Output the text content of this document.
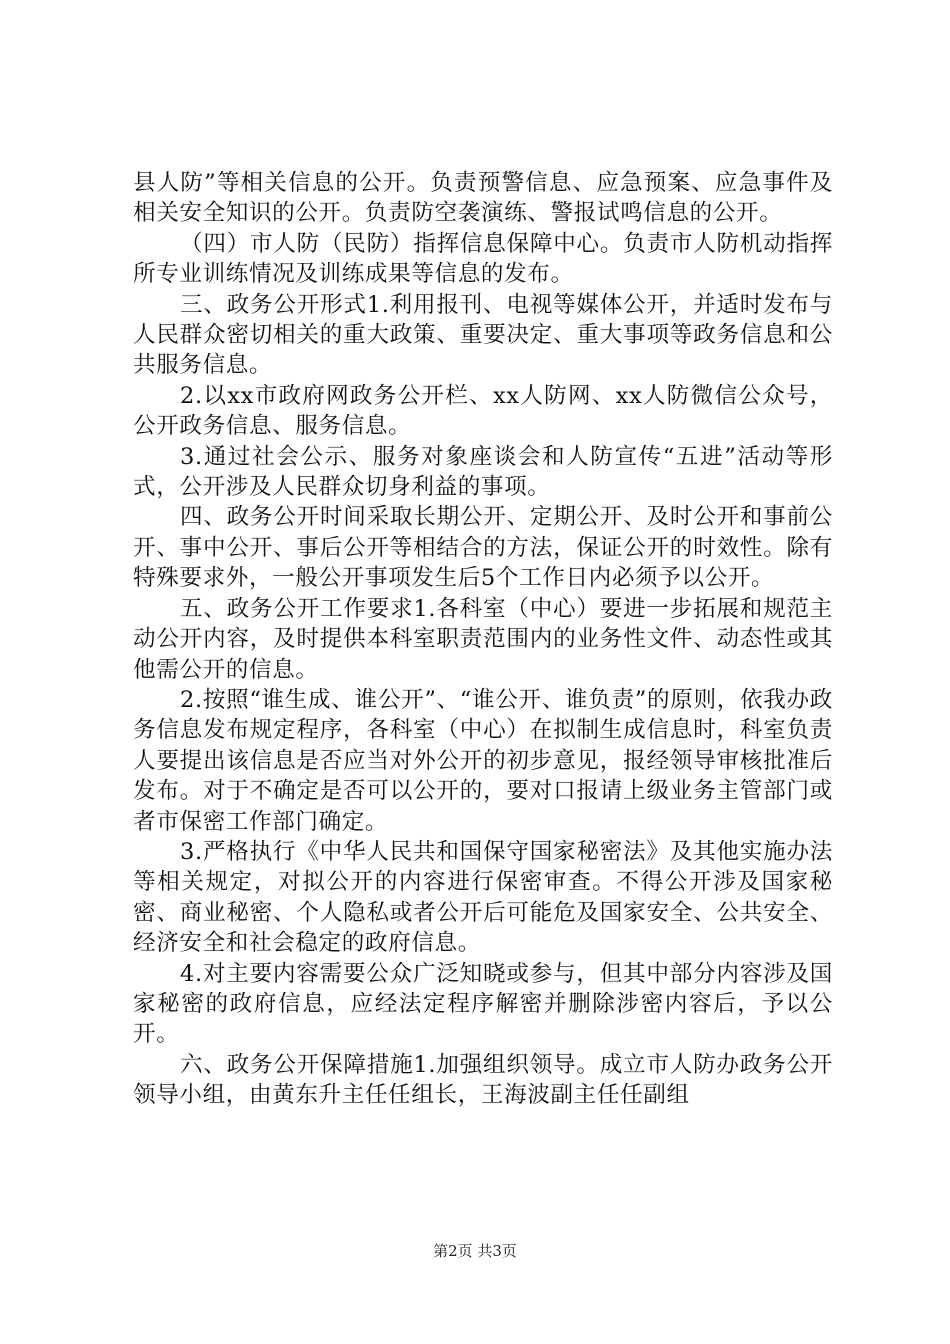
县人防”等相关信息的公开。负责预警信息、应急预案、应急事件及相关安全知识的公开。负责防空袭演练、警报试鸣信息的公开。

（四）市人防（民防）指挥信息保障中心。负责市人防机动指挥所专业训练情况及训练成果等信息的发布。

三、政务公开形式1.利用报刊、电视等媒体公开，并适时发布与人民群众密切相关的重大政策、重要决定、重大事项等政务信息和公共服务信息。

2.以xx市政府网政务公开栏、xx人防网、xx人防微信公众号，公开政务信息、服务信息。

3.通过社会公示、服务对象座谈会和人防宣传“五进”活动等形式，公开涉及人民群众切身利益的事项。

四、政务公开时间采取长期公开、定期公开、及时公开和事前公开、事中公开、事后公开等相结合的方法，保证公开的时效性。除有特殊要求外，一般公开事项发生后5个工作日内必须予以公开。

五、政务公开工作要求1.各科室（中心）要进一步拓展和规范主动公开内容，及时提供本科室职责范围内的业务性文件、动态性或其他需公开的信息。

2.按照“谁生成、谁公开”、“谁公开、谁负责”的原则，依我办政务信息发布规定程序，各科室（中心）在拟制生成信息时，科室负责人要提出该信息是否应当对外公开的初步意见，报经领导审核批准后发布。对于不确定是否可以公开的，要对口报请上级业务主管部门或者市保密工作部门确定。

3.严格执行《中华人民共和国保守国家秘密法》及其他实施办法等相关规定，对拟公开的内容进行保密审查。不得公开涉及国家秘密、商业秘密、个人隐私或者公开后可能危及国家安全、公共安全、经济安全和社会稳定的政府信息。

4.对主要内容需要公众广泛知晓或参与，但其中部分内容涉及国家秘密的政府信息，应经法定程序解密并删除涉密内容后，予以公开。

六、政务公开保障措施1.加强组织领导。成立市人防办政务公开领导小组，由黄东升主任任组长，王海波副主任任副组

第2页 共3页
